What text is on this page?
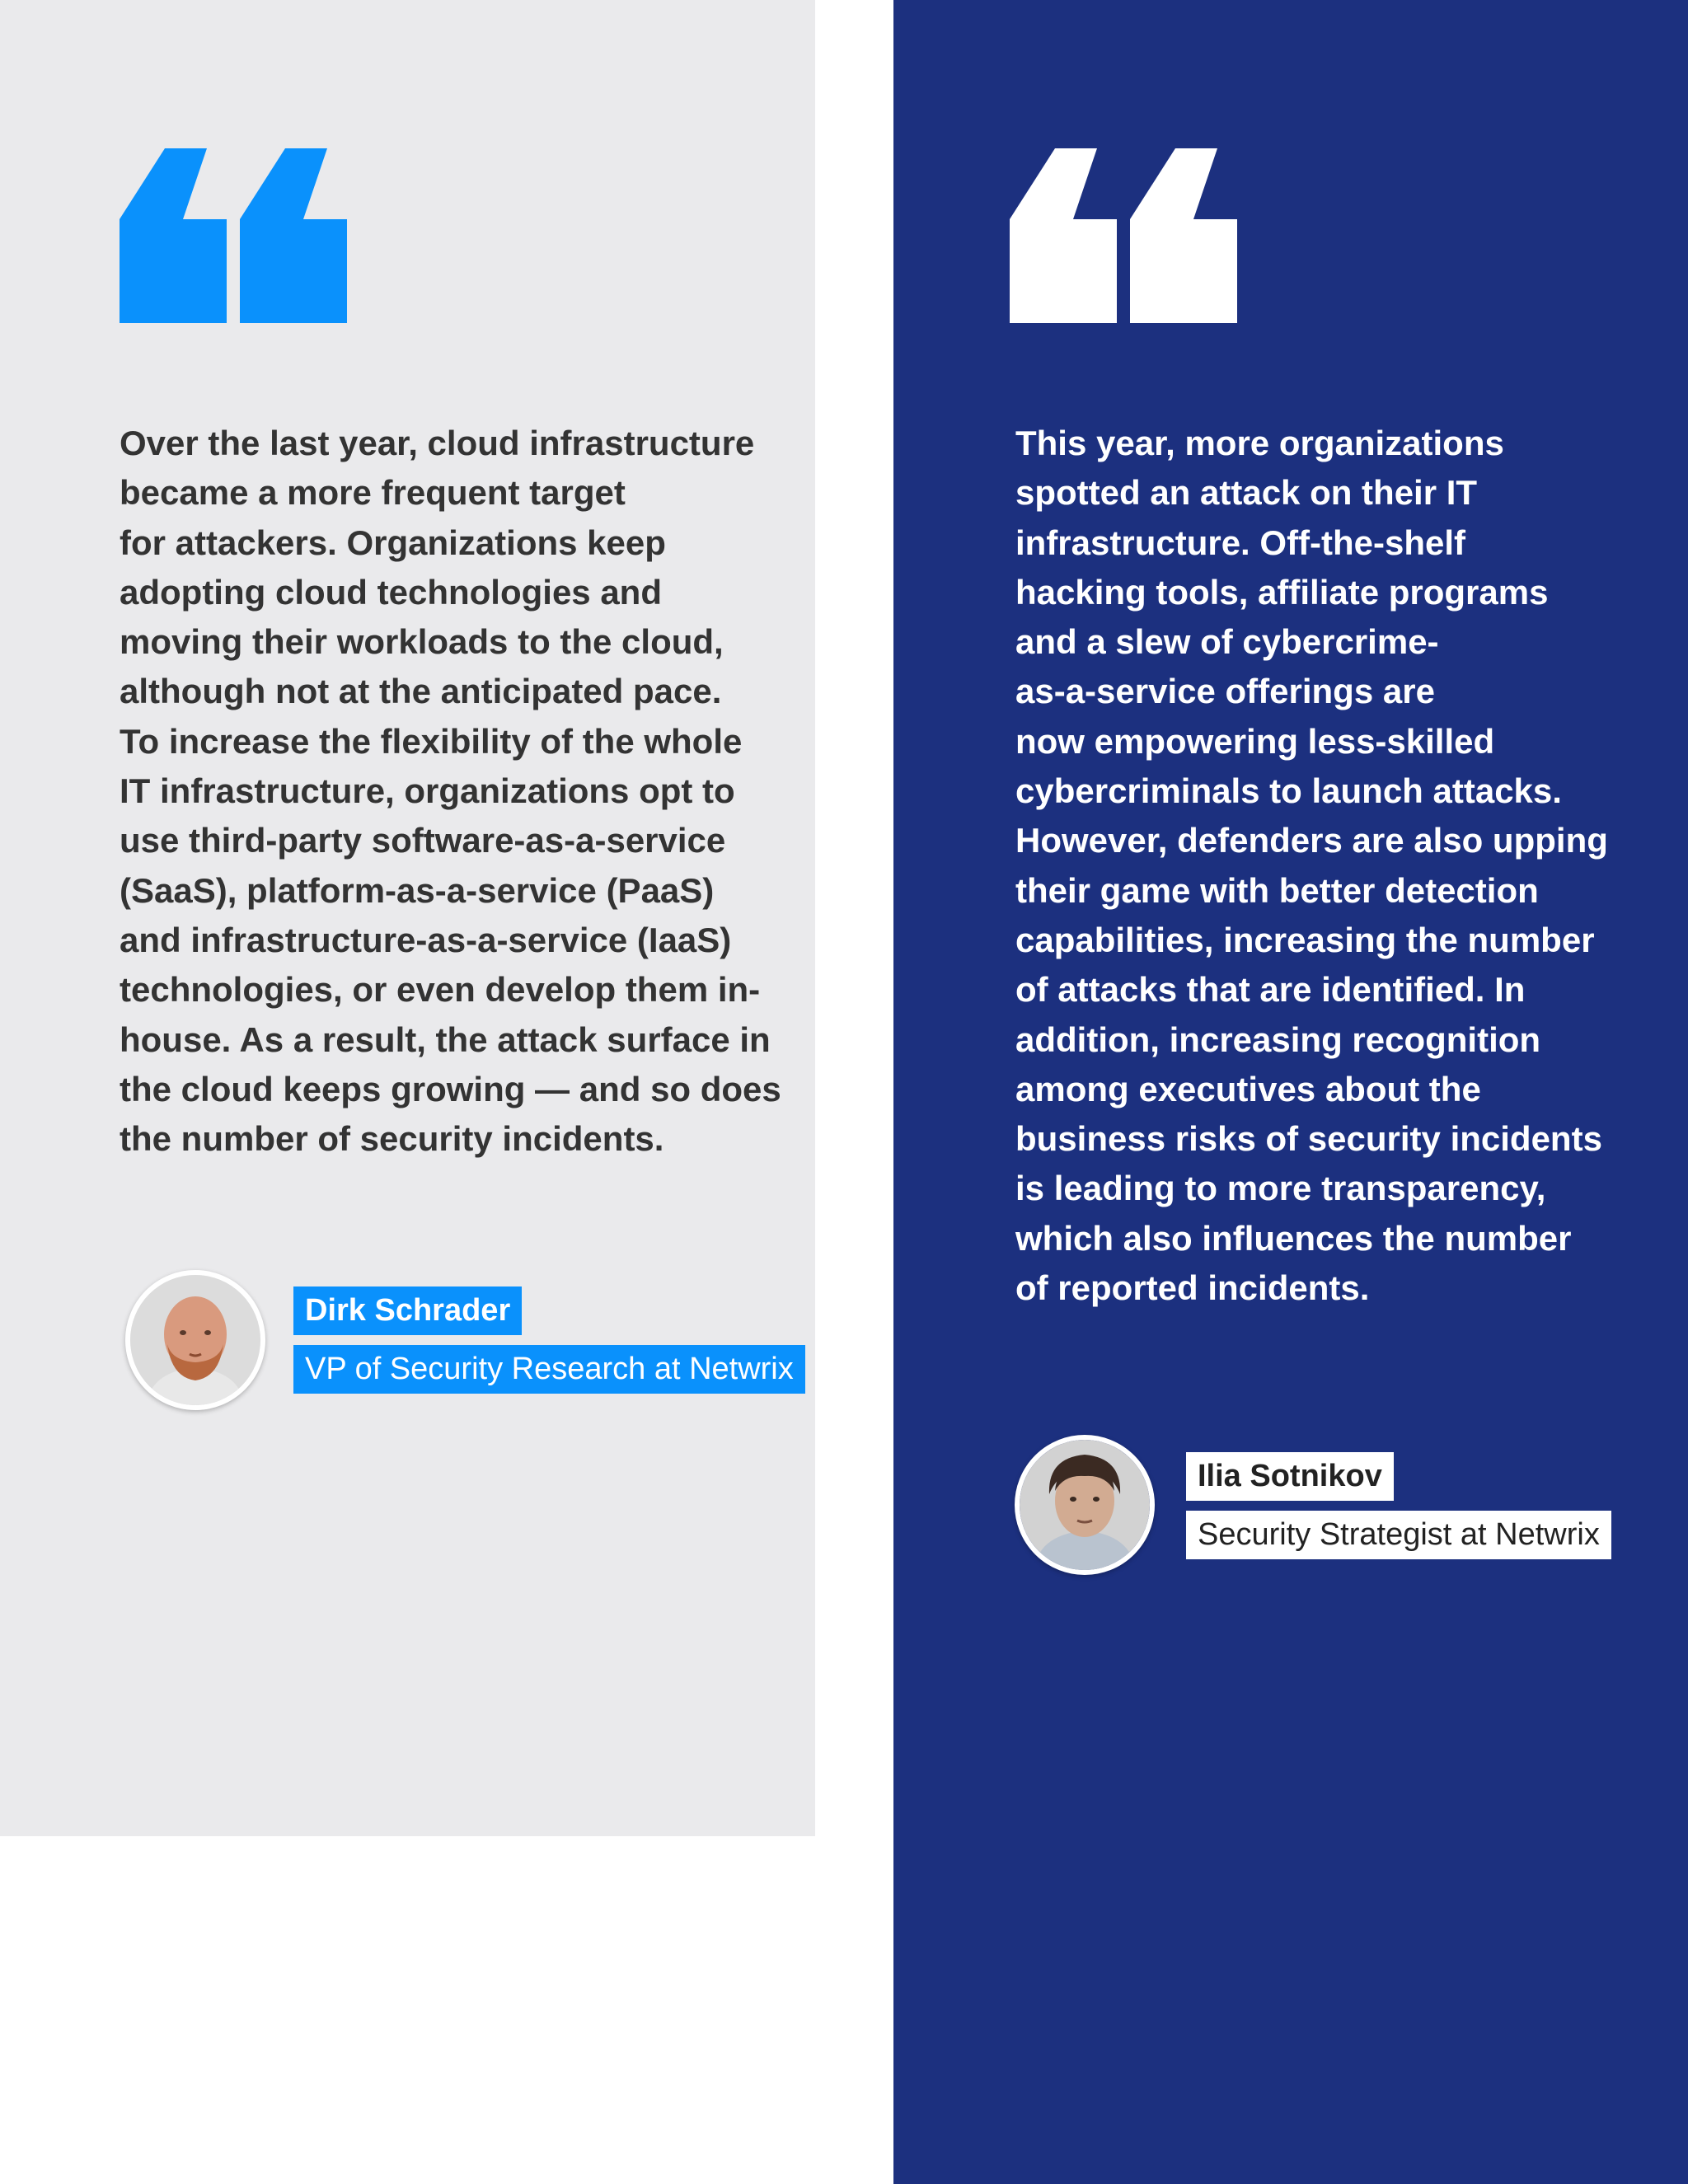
Over the last year, cloud infrastructure
became a more frequent target
for attackers. Organizations keep
adopting cloud technologies and
moving their workloads to the cloud,
although not at the anticipated pace.
To increase the flexibility of the whole
IT infrastructure, organizations opt to
use third-party software-as-a-service
(SaaS), platform-as-a-service (PaaS)
and infrastructure-as-a-service (IaaS)
technologies, or even develop them in-
house. As a result, the attack surface in
the cloud keeps growing — and so does
the number of security incidents.

Dirk Schrader
VP of Security Research at Netwrix

This year, more organizations
spotted an attack on their IT
infrastructure. Off-the-shelf
hacking tools, affiliate programs
and a slew of cybercrime-
as-a-service offerings are
now empowering less-skilled
cybercriminals to launch attacks.
However, defenders are also upping
their game with better detection
capabilities, increasing the number
of attacks that are identified. In
addition, increasing recognition
among executives about the
business risks of security incidents
is leading to more transparency,
which also influences the number
of reported incidents.

Ilia Sotnikov
Security Strategist at Netwrix
